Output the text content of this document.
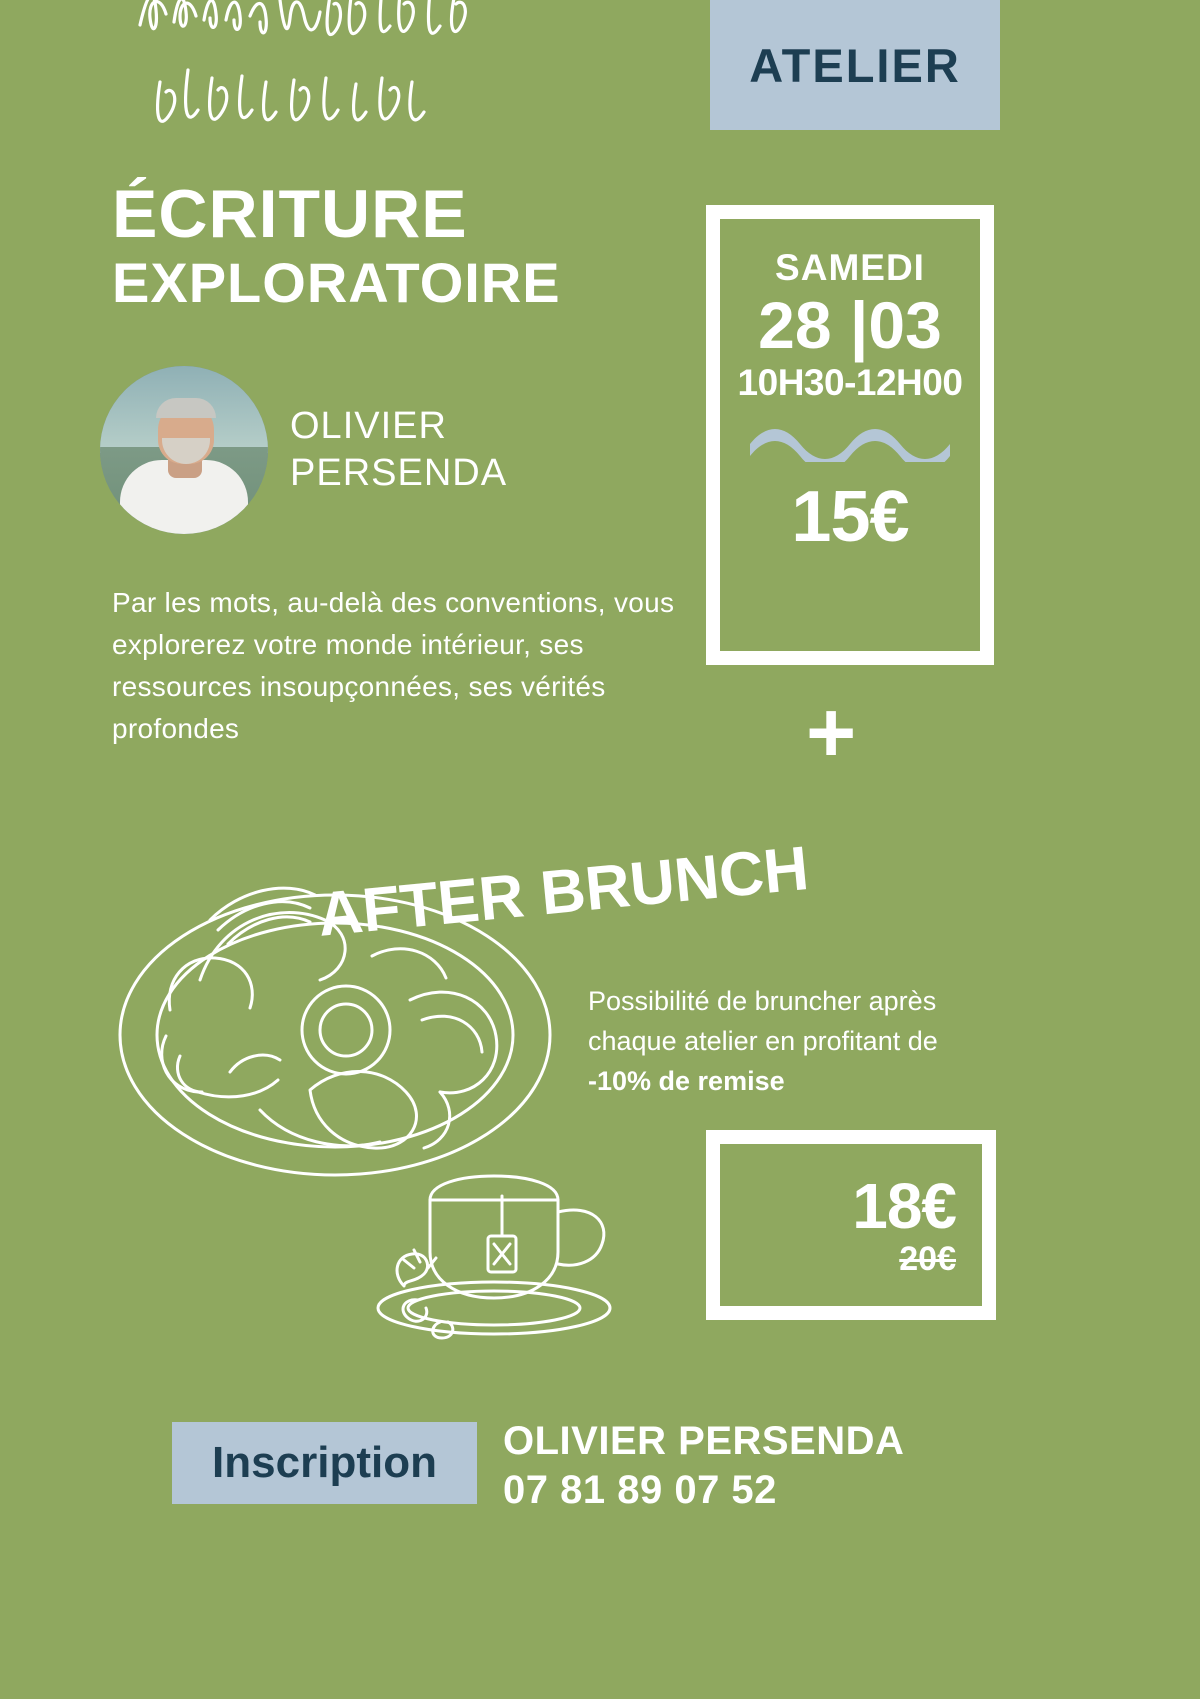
ATELIER
ÉCRITURE
EXPLORATOIRE
OLIVIER
PERSENDA
Par les mots, au-delà des conventions, vous explorerez votre monde intérieur, ses ressources insoupçonnées, ses vérités profondes
SAMEDI
28 |03
10H30-12H00
15€
+
AFTER BRUNCH
Possibilité de bruncher après chaque atelier en profitant de -10% de remise
18€
20€
Inscription OLIVIER PERSENDA
07 81 89 07 52
